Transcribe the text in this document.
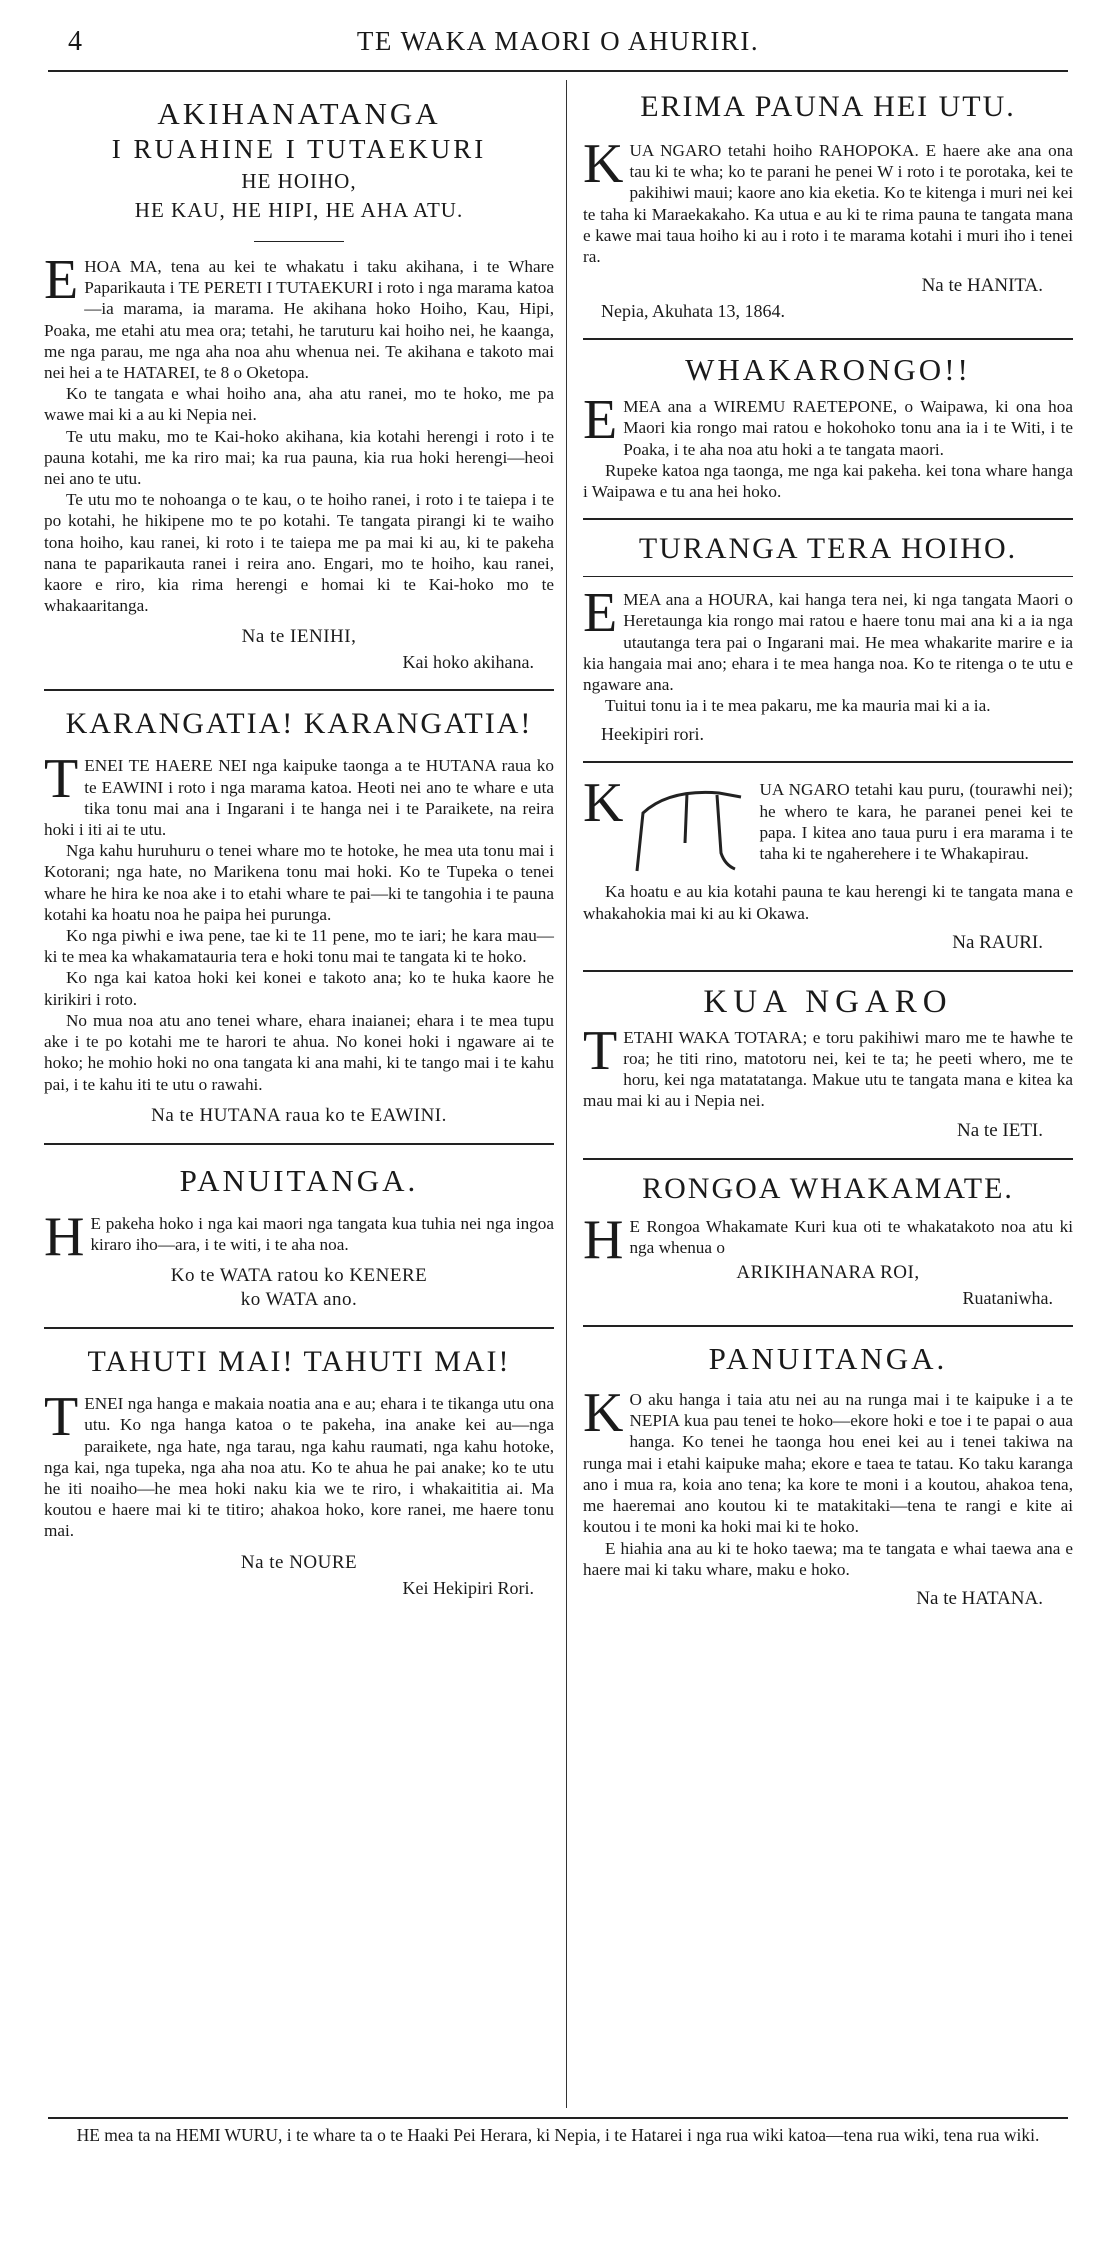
4	TE WAKA MAORI O AHURIRI.
AKIHANATANGA
I RUAHINE I TUTAEKURI
HE HOIHO,
HE KAU, HE HIPI, HE AHA ATU.

EHOA MA, tena au kei te whakatu i taku akihana, i te Whare Paparikauta i TE PERETI I TUTAEKURI i roto i nga marama katoa—ia marama, ia marama. He akihana hoko Hoiho, Kau, Hipi, Poaka, me etahi atu mea ora; tetahi, he taruturu kai hoiho nei, he kaanga, me nga parau, me nga aha noa ahu whenua nei. Te akihana e takoto mai nei hei a te HATAREI, te 8 o Oketopa.

Ko te tangata e whai hoiho ana, aha atu ranei, mo te hoko, me pa wawe mai ki a au ki Nepia nei.

Te utu maku, mo te Kai-hoko akihana, kia kotahi herengi i roto i te pauna kotahi, me ka riro mai; ka rua pauna, kia rua hoki herengi—heoi nei ano te utu.

Te utu mo te nohoanga o te kau, o te hoiho ranei, i roto i te taiepa i te po kotahi, he hikipene mo te po kotahi. Te tangata pirangi ki te waiho tona hoiho, kau ranei, ki roto i te taiepa me pa mai ki au, ki te pakeha nana te paparikauta ranei i reira ano. Engari, mo te hoiho, kau ranei, kaore e riro, kia rima herengi e homai ki te Kai-hoko mo te whakaaritanga.

Na te IENIHI,
Kai hoko akihana.
KARANGATIA! KARANGATIA!

TENEI TE HAERE NEI nga kaipuke taonga a te HUTANA raua ko te EAWINI i roto i nga marama katoa. Heoti nei ano te whare e uta tika tonu mai ana i Ingarani i te hanga nei i te Paraikete, na reira hoki i iti ai te utu.

Nga kahu huruhuru o tenei whare mo te hotoke, he mea uta tonu mai i Kotorani; nga hate, no Marikena tonu mai hoki. Ko te Tupeka o tenei whare he hira ke noa ake i to etahi whare te pai—ki te tangohia i te pauna kotahi ka hoatu noa he paipa hei purunga.

Ko nga piwhi e iwa pene, tae ki te 11 pene, mo te iari; he kara mau—ki te mea ka whakamatauria tera e hoki tonu mai te tangata ki te hoko.

Ko nga kai katoa hoki kei konei e takoto ana; ko te huka kaore he kirikiri i roto.

No mua noa atu ano tenei whare, ehara inaianei; ehara i te mea tupu ake i te po kotahi me te harori te ahua. No konei hoki i ngaware ai te hoko; he mohio hoki no ona tangata ki ana mahi, ki te tango mai i te kahu pai, i te kahu iti te utu o rawahi.

Na te HUTANA raua ko te EAWINI.
PANUITANGA.

H E pakeha hoko i nga kai maori nga tangata kua tuhia nei nga ingoa kiraro iho—ara, i te witi, i te aha noa.

Ko te WATA ratou ko KENERE
ko WATA ano.
TAHUTI MAI! TAHUTI MAI!

TENEI nga hanga e makaia noatia ana e au; ehara i te tikanga utu ona utu. Ko nga hanga katoa o te pakeha, ina anake kei au—nga paraikete, nga hate, nga tarau, nga kahu raumati, nga kahu hotoke, nga kai, nga tupeka, nga aha noa atu. Ko te ahua he pai anake; ko te utu he iti noaiho—he mea hoki naku kia we te riro, i whakaititia ai. Ma koutou e haere mai ki te titiro; ahakoa hoko, kore ranei, me haere tonu mai.

Na te NOURE
Kei Hekipiri Rori.
ERIMA PAUNA HEI UTU.

KUA NGARO tetahi hoiho RAHOPOKA. E haere ake ana ona tau ki te wha; ko te parani he penei W i roto i te porotaka, kei te pakihiwi maui; kaore ano kia eketia. Ko te kitenga i muri nei kei te taha ki Maraekakaho. Ka utua e au ki te rima pauna te tangata mana e kawe mai taua hoiho ki au i roto i te marama kotahi i muri iho i tenei ra.

Na te HANITA.
Nepia, Akuhata 13, 1864.
WHAKARONGO!!

EMEA ana a WIREMU RAETEPONE, o Waipawa, ki ona hoa Maori kia rongo mai ratou e hokohoko tonu ana ia i te Witi, i te Poaka, i te aha noa atu hoki a te tangata maori.

Rupeke katoa nga taonga, me nga kai pakeha. kei tona whare hanga i Waipawa e tu ana hei hoko.

TURANGA TERA HOIHO.

EMEA ana a HOURA, kai hanga tera nei, ki nga tangata Maori o Heretaunga kia rongo mai ratou e haere tonu mai ana ki a ia nga utautanga tera pai o Ingarani mai. He mea whakarite marire e ia kia hangaia mai ano; ehara i te mea hanga noa. Ko te ritenga o te utu e ngaware ana.

Tuitui tonu ia i te mea pakaru, me ka mauria mai ki a ia.

Heekipiri rori.

K	UA NGARO tetahi kau puru, (tourawhi nei); he whero te kara, he paranei penei kei te papa. I kitea ano taua puru i era marama i te taha ki te ngaherehere i te Whakapirau.

Ka hoatu e au kia kotahi pauna te kau herengi ki te tangata mana e whakahokia mai ki au ki Okawa.

Na RAURI.
KUA NGARO

TETAHI WAKA TOTARA; e toru pakihiwi maro me te hawhe te roa; he titi rino, matotoru nei, kei te ta; he peeti whero, me te horu, kei nga matatatanga. Makue utu te tangata mana e kitea ka mau mai ki au i Nepia nei.

Na te IETI.
RONGOA WHAKAMATE.

H E Rongoa Whakamate Kuri kua oti te whakatakoto noa atu ki nga whenua o

ARIKIHANARA ROI,
Ruataniwha.
PANUITANGA.

K O aku hanga i taia atu nei au na runga mai i te kaipuke i a te NEPIA kua pau tenei te hoko—ekore hoki e toe i te papai o aua hanga. Ko tenei he taonga hou enei kei au i tenei takiwa na runga mai i etahi kaipuke maha; ekore e taea te tatau. Ko taku karanga ano i mua ra, koia ano tena; ka kore te moni i a koutou, ahakoa tena, me haeremai ano koutou ki te matakitaki—tena te rangi e kite ai koutou i te moni ka hoki mai ki te hoko.

E hiahia ana au ki te hoko taewa; ma te tangata e whai taewa ana e haere mai ki taku whare, maku e hoko.

Na te HATANA.

HE mea ta na HEMI WURU, i te whare ta o te Haaki Pei Herara, ki Nepia, i te Hatarei i nga rua wiki katoa—tena rua wiki, tena rua wiki.
